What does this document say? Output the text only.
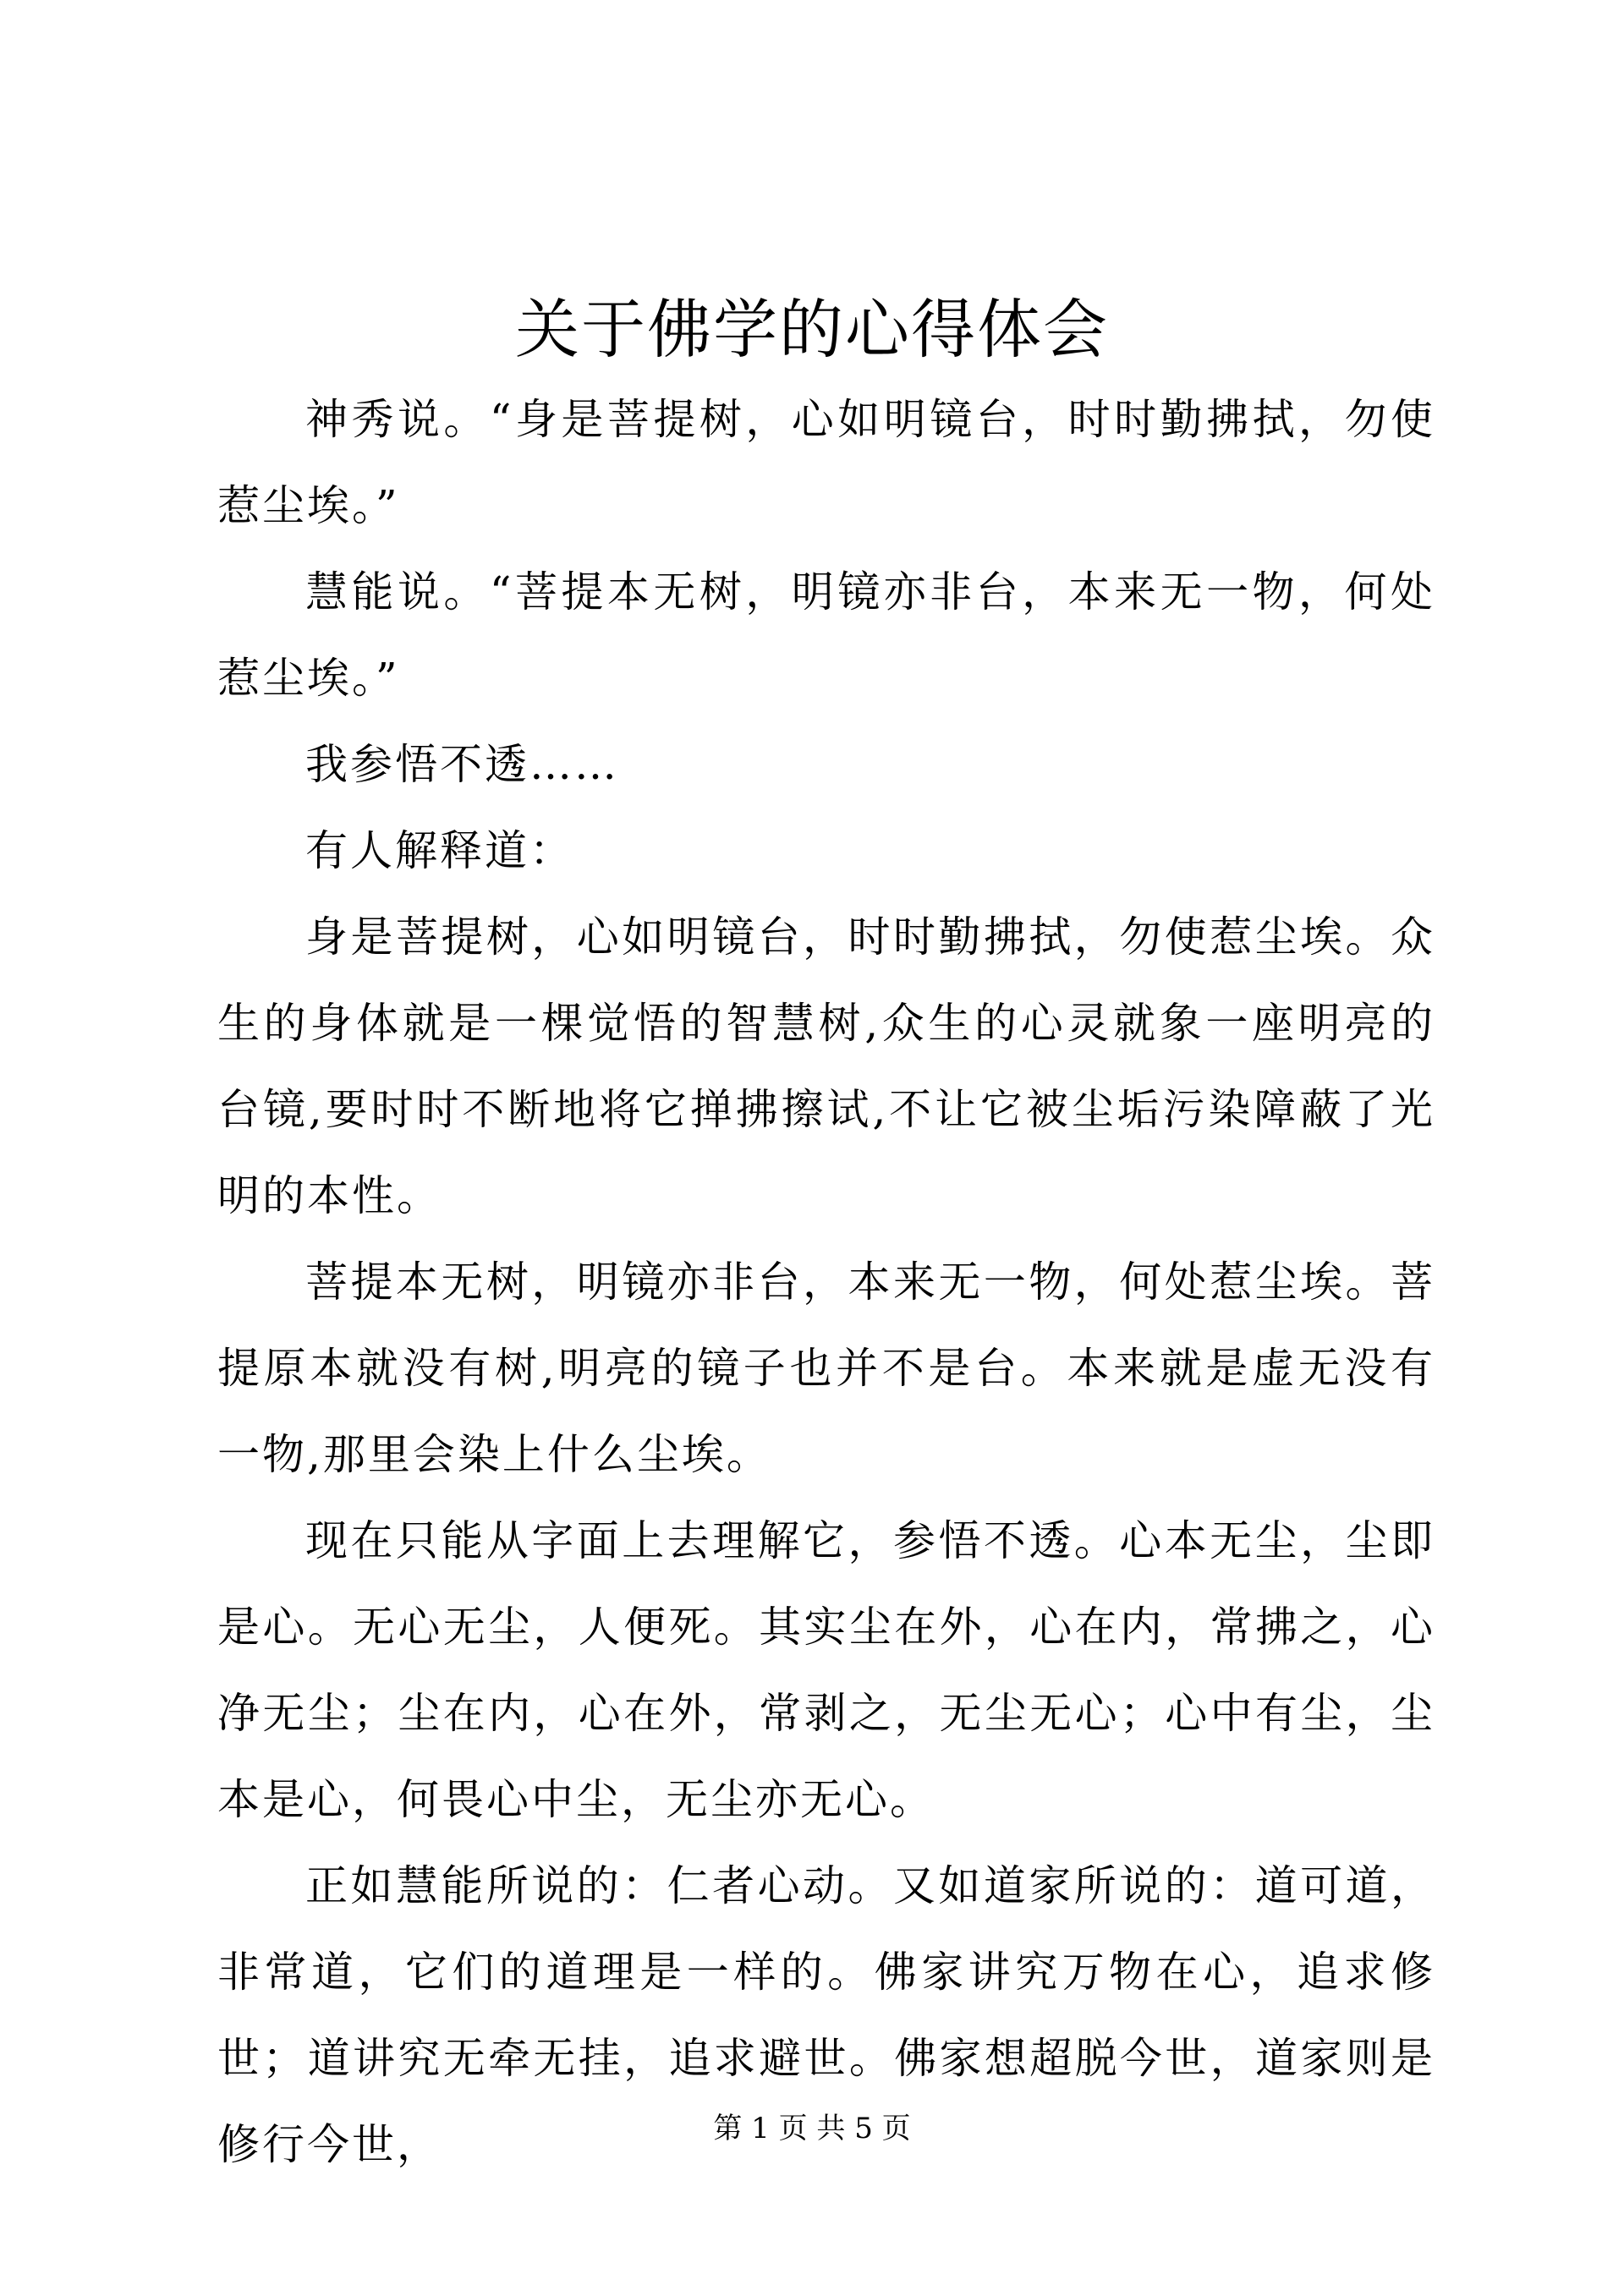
关于佛学的心得体会

神秀说。“身是菩提树，心如明镜台，时时勤拂拭，勿使惹尘埃。”

慧能说。“菩提本无树，明镜亦非台，本来无一物，何处惹尘埃。”

我参悟不透……

有人解释道：

身是菩提树，心如明镜台，时时勤拂拭，勿使惹尘埃。众生的身体就是一棵觉悟的智慧树,众生的心灵就象一座明亮的台镜,要时时不断地将它掸拂擦试,不让它被尘垢污染障蔽了光明的本性。

菩提本无树，明镜亦非台，本来无一物，何处惹尘埃。菩提原本就没有树,明亮的镜子也并不是台。本来就是虚无没有一物,那里会染上什么尘埃。

现在只能从字面上去理解它，参悟不透。心本无尘，尘即是心。无心无尘，人便死。其实尘在外，心在内，常拂之，心净无尘；尘在内，心在外，常剥之，无尘无心；心中有尘，尘本是心，何畏心中尘，无尘亦无心。

正如慧能所说的：仁者心动。又如道家所说的：道可道，非常道，它们的道理是一样的。佛家讲究万物在心，追求修世；道讲究无牵无挂，追求避世。佛家想超脱今世，道家则是修行今世，	第 1 页 共 5 页
